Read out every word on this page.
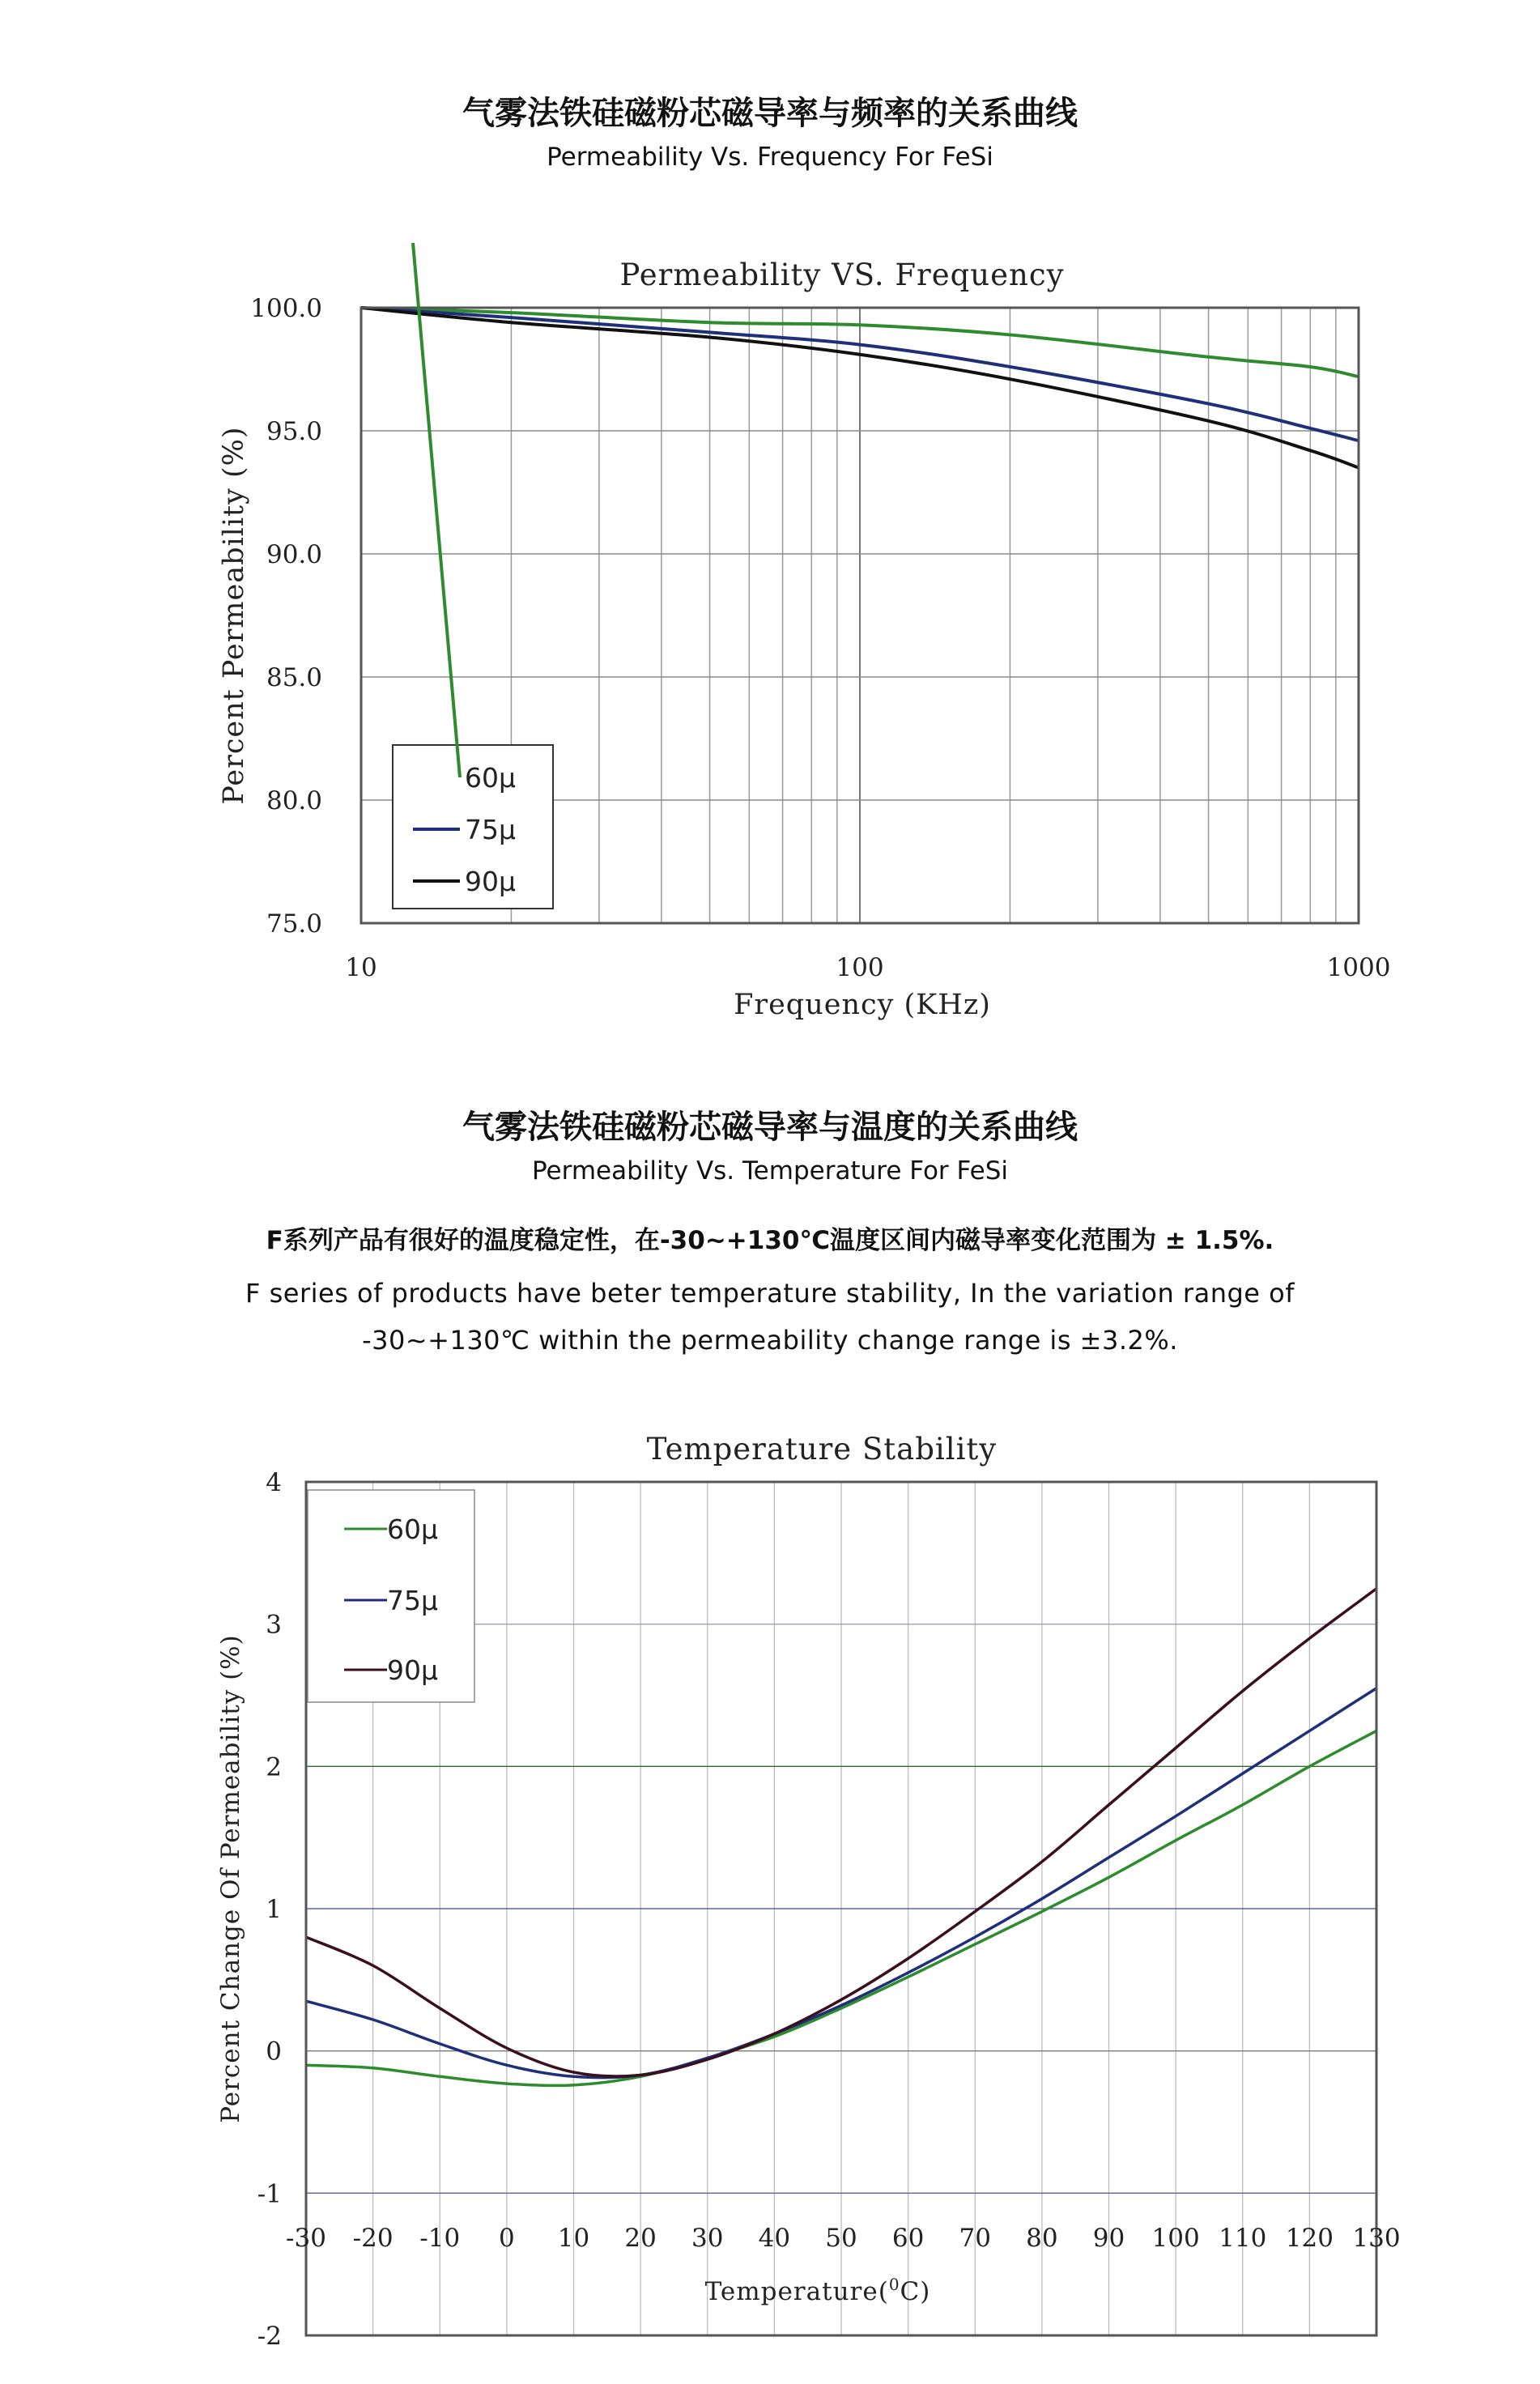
气雾法铁硅磁粉芯磁导率与频率的关系曲线
Permeability Vs. Frequency For FeSi
Permeability VS. Frequency
100.0
95.0
90.0
85.0
80.0
75.0
10	100	1000
Frequency (KHz)
Percent Permeability (%)	60μ
75μ
90μ
气雾法铁硅磁粉芯磁导率与温度的关系曲线
Permeability Vs. Temperature For FeSi
F系列产品有很好的温度稳定性，在-30~+130℃温度区间内磁导率变化范围为 ± 1.5%.
F series of products have beter temperature stability, In the variation range of
-30~+130℃ within the permeability change range is ±3.2%.
Temperature Stability
4
3
2
1
0
-1
-2
-30 -20 -10 0 10 20 30 40 50 60 70 80 90 100 110 120 130
Temperature($^0$C)
Percent Change Of Permeability (%)
60μ
75μ
90μ
